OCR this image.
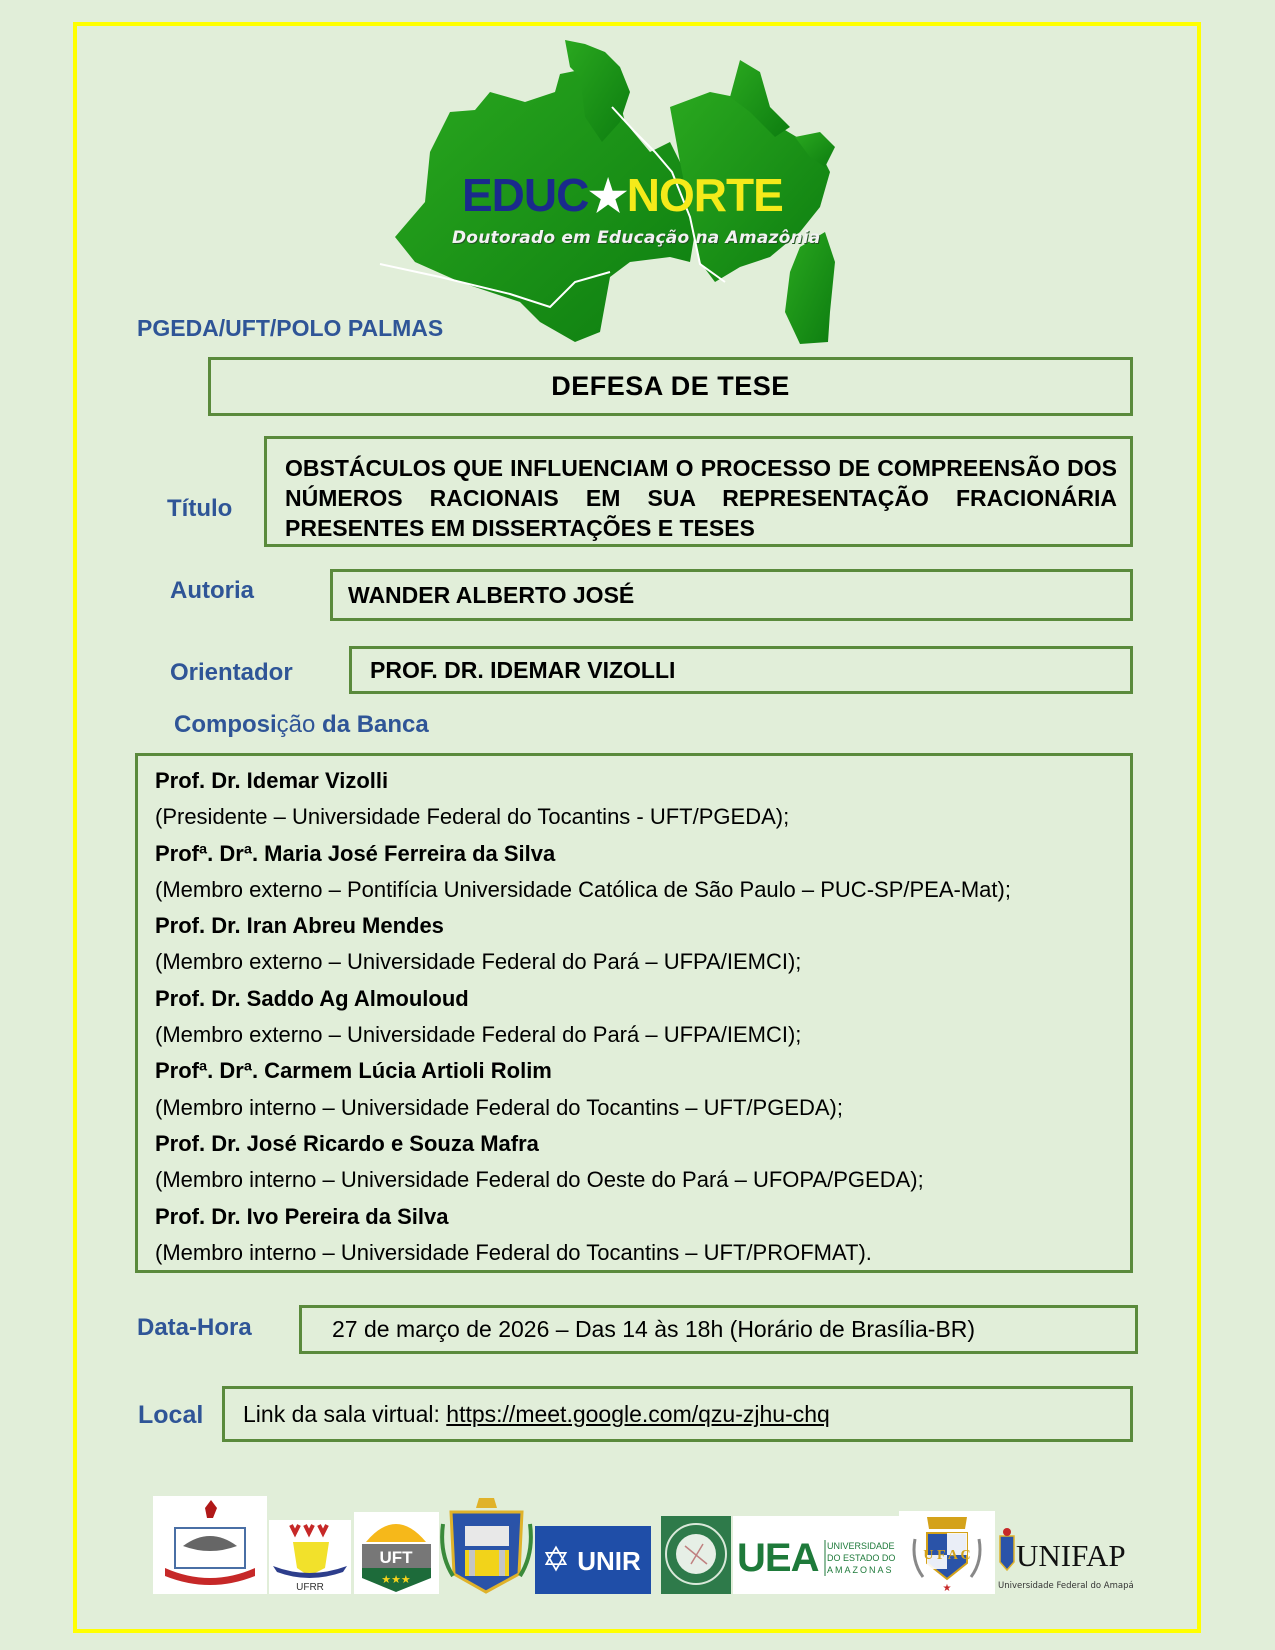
EDUC★NORTE
Doutorado em Educação na Amazônia
PGEDA/UFT/POLO PALMAS
DEFESA DE TESE
Título
OBSTÁCULOS QUE INFLUENCIAM O PROCESSO DE COMPREENSÃO DOS NÚMEROS RACIONAIS EM SUA REPRESENTAÇÃO FRACIONÁRIA PRESENTES EM DISSERTAÇÕES E TESES
Autoria	WANDER ALBERTO JOSÉ
Orientador	PROF. DR. IDEMAR VIZOLLI
Composição da Banca
Prof. Dr. Idemar Vizolli
(Presidente – Universidade Federal do Tocantins - UFT/PGEDA);
Profª. Drª. Maria José Ferreira da Silva
(Membro externo – Pontifícia Universidade Católica de São Paulo – PUC-SP/PEA-Mat);
Prof. Dr. Iran Abreu Mendes
(Membro externo – Universidade Federal do Pará – UFPA/IEMCI);
Prof. Dr. Saddo Ag Almouloud
(Membro externo – Universidade Federal do Pará – UFPA/IEMCI);
Profª. Drª. Carmem Lúcia Artioli Rolim
(Membro interno – Universidade Federal do Tocantins – UFT/PGEDA);
Prof. Dr. José Ricardo e Souza Mafra
(Membro interno – Universidade Federal do Oeste do Pará – UFOPA/PGEDA);
Prof. Dr. Ivo Pereira da Silva
(Membro interno – Universidade Federal do Tocantins – UFT/PROFMAT).
Data-Hora	27 de março de 2026 – Das 14 às 18h (Horário de Brasília-BR)
Local Link da sala virtual:
https://meet.google.com/qzu-zjhu-chq
UFRR
UFT
★★★	✡ UNIR UEA UNIVERSIDADE
DO ESTADO DO
AMAZONAS
U F A C
★
UNIFAP
Universidade Federal do Amapá
